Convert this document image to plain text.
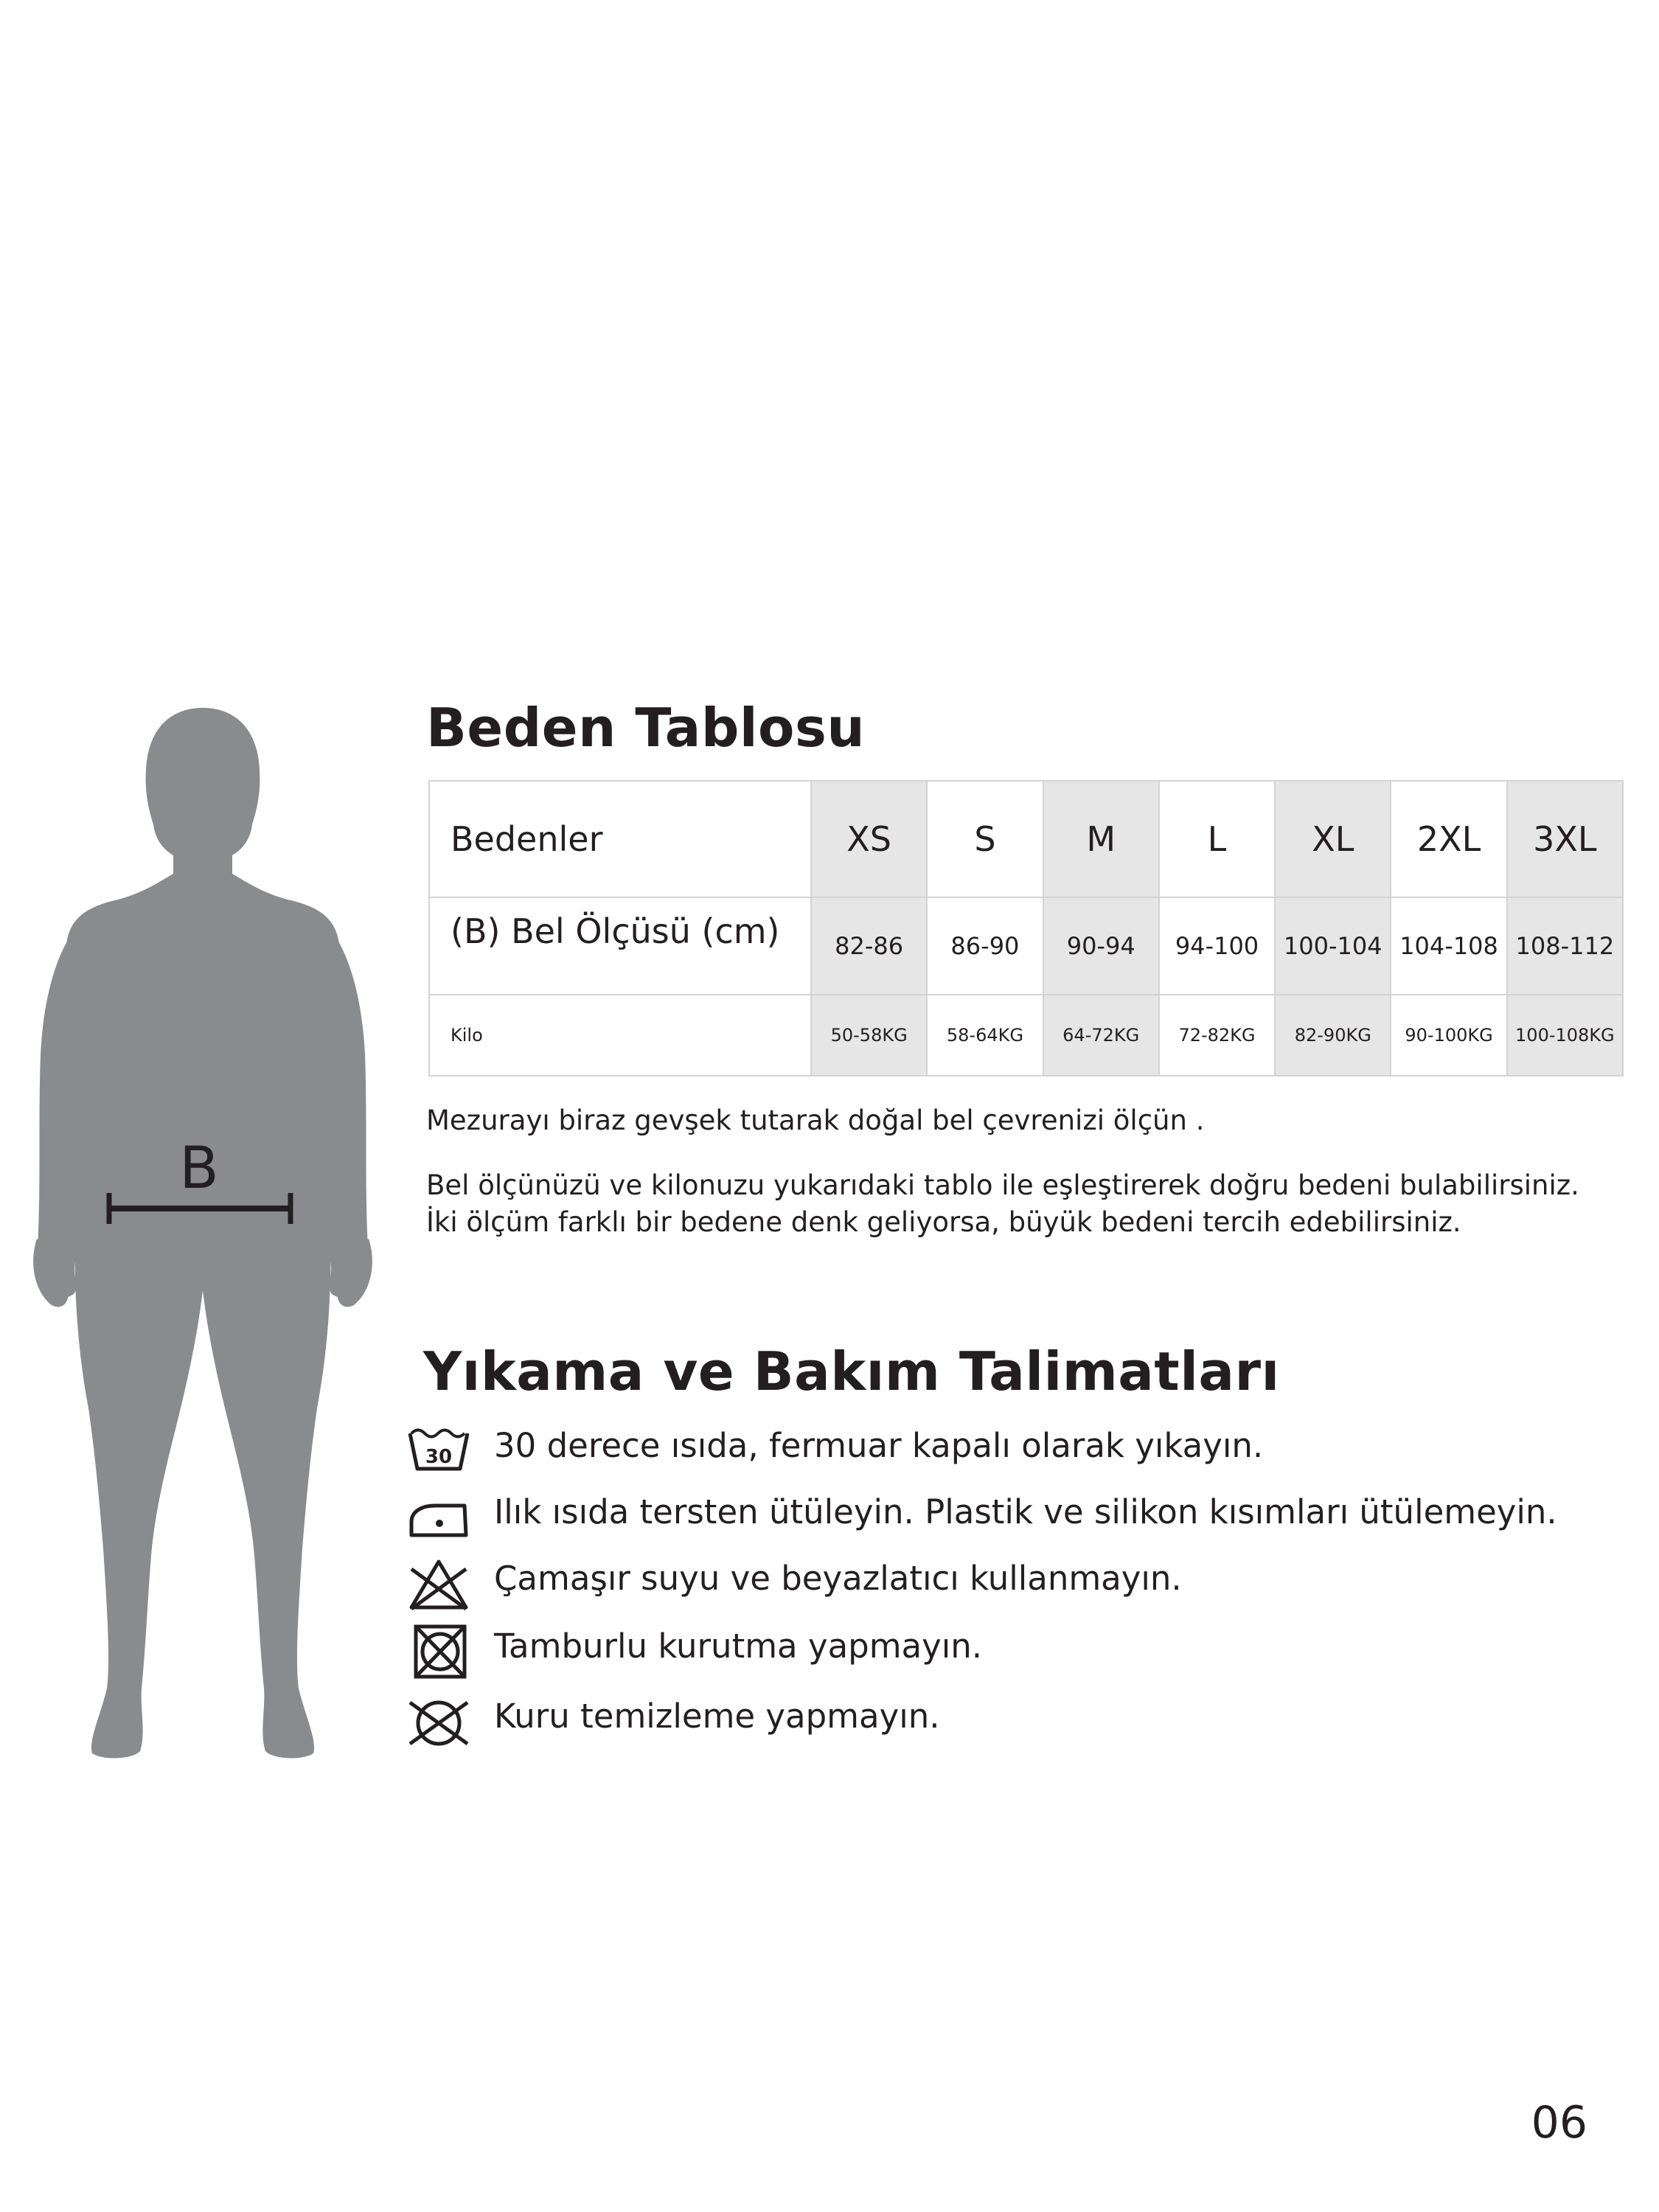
B
Beden Tablosu
Bedenler	XS	S	M	L	XL	2XL	3XL
(B) Bel Ölçüsü (cm)	82-86	86-90	90-94	94-100	100-104	104-108	108-112
Kilo	50-58KG	58-64KG	64-72KG	72-82KG	82-90KG	90-100KG	100-108KG

Mezurayı biraz gevşek tutarak doğal bel çevrenizi ölçün .

Bel ölçünüzü ve kilonuzu yukarıdaki tablo ile eşleştirerek doğru bedeni bulabilirsiniz.

İki ölçüm farklı bir bedene denk geliyorsa, büyük bedeni tercih edebilirsiniz.

Yıkama ve Bakım Talimatları
30 30 derece ısıda, fermuar kapalı olarak yıkayın.
Ilık ısıda tersten ütüleyin. Plastik ve silikon kısımları ütülemeyin.
Çamaşır suyu ve beyazlatıcı kullanmayın.
Tamburlu kurutma yapmayın.
Kuru temizleme yapmayın.

06
